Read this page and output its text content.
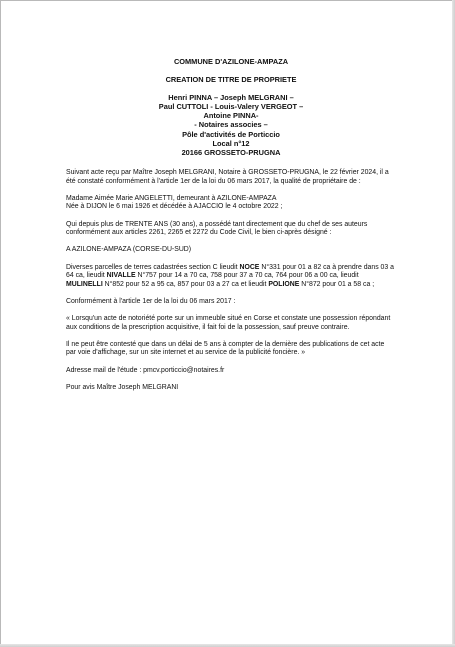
COMMUNE D'AZILONE-AMPAZA
CREATION DE TITRE DE PROPRIETE
Henri PINNA – Joseph MELGRANI –
Paul CUTTOLI - Louis-Valery VERGEOT –
Antoine PINNA-
- Notaires associes –
Pôle d'activités de Porticcio
Local n°12
20166 GROSSETO-PRUGNA

Suivant acte reçu par Maître Joseph MELGRANI, Notaire à GROSSETO-PRUGNA, le 22 février 2024, il a été constaté conformément à l'article 1er de la loi du 06 mars 2017, la qualité de propriétaire de :

Madame Aimée Marie ANGELETTI, demeurant à AZILONE-AMPAZA
Née à DIJON le 6 mai 1926 et décédée à AJACCIO le 4 octobre 2022 ;

Qui depuis plus de TRENTE ANS (30 ans), a possédé tant directement que du chef de ses auteurs conformément aux articles 2261, 2265 et 2272 du Code Civil, le bien ci-après désigné :

A AZILONE-AMPAZA (CORSE-DU-SUD)

Diverses parcelles de terres cadastrées section C lieudit NOCE N°331 pour 01 a 82 ca à prendre dans 03 a 64 ca, lieudit NIVALLE N°757 pour 14 a 70 ca, 758 pour 37 a 70 ca, 764 pour 06 a 00 ca, lieudit MULINELLI N°852 pour 52 a 95 ca, 857 pour 03 a 27 ca et lieudit POLIONE N°872 pour 01 a 58 ca ;

Conformément à l'article 1er de la loi du 06 mars 2017 :

« Lorsqu'un acte de notoriété porte sur un immeuble situé en Corse et constate une possession répondant aux conditions de la prescription acquisitive, il fait foi de la possession, sauf preuve contraire.

Il ne peut être contesté que dans un délai de 5 ans à compter de la dernière des publications de cet acte par voie d'affichage, sur un site internet et au service de la publicité foncière. »

Adresse mail de l'étude : pmcv.porticcio@notaires.fr

Pour avis Maître Joseph MELGRANI
